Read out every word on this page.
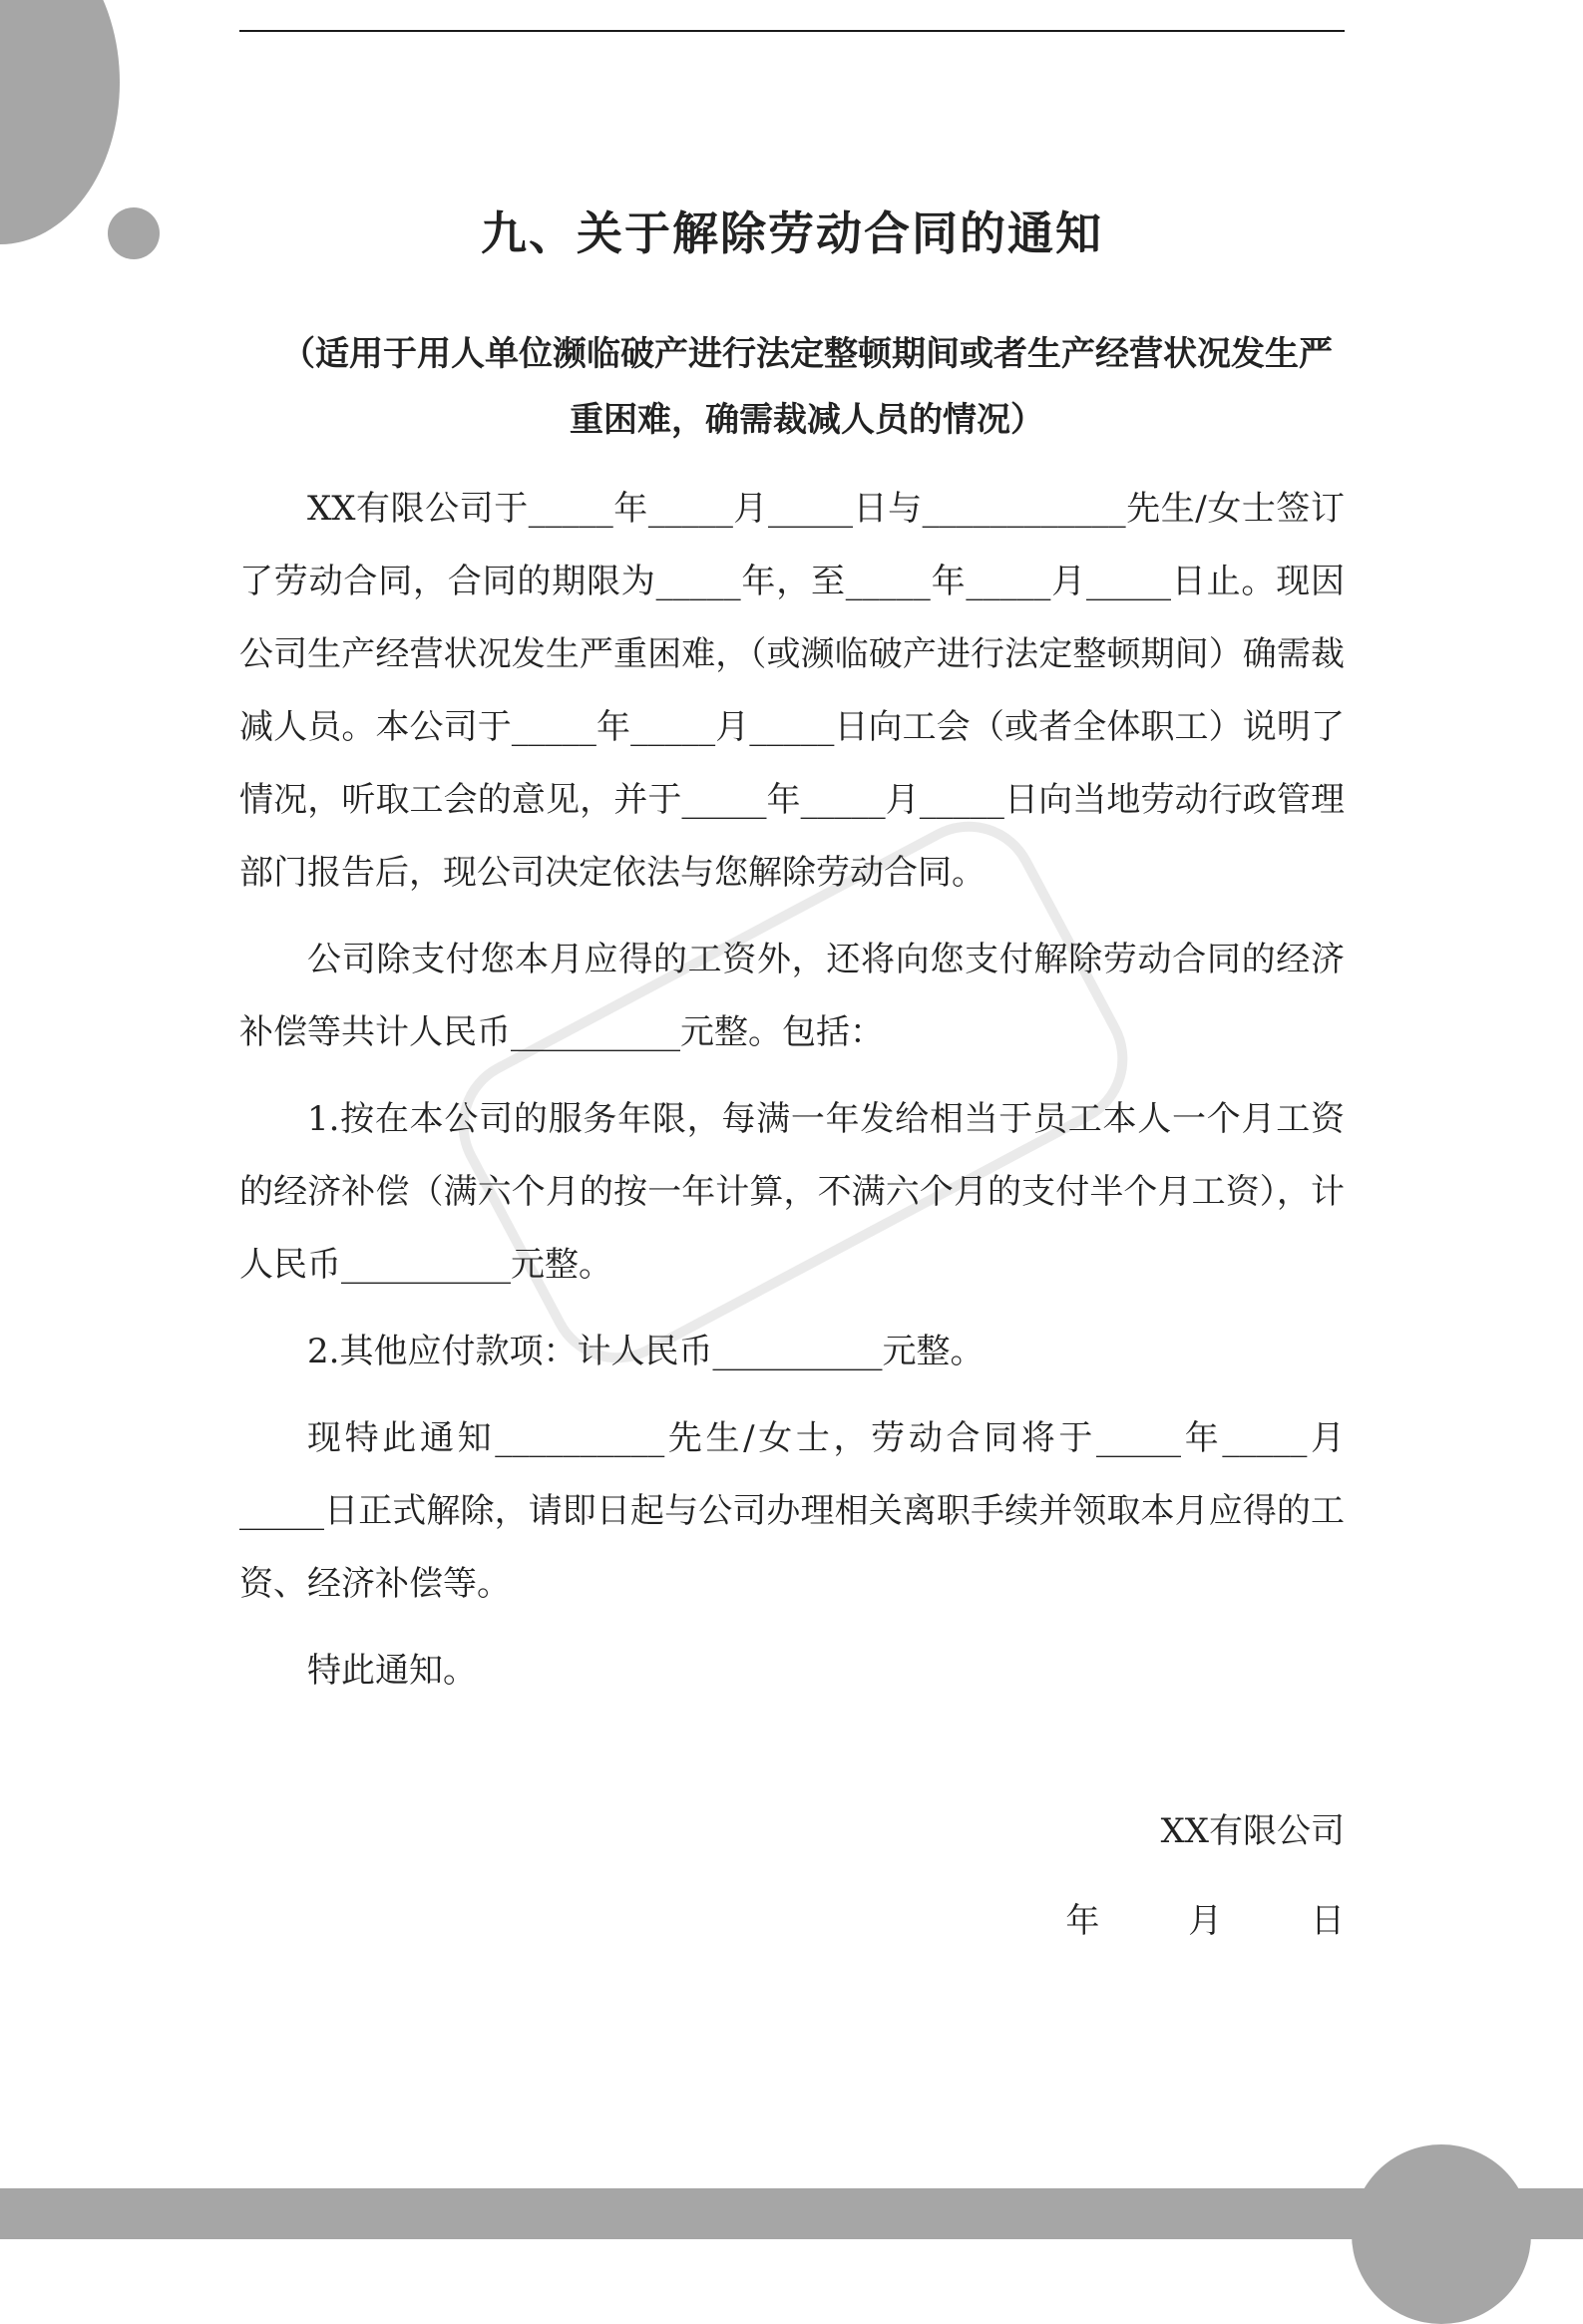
九、关于解除劳动合同的通知
（适用于用人单位濒临破产进行法定整顿期间或者生产经营状况发生严重困难，确需裁减人员的情况）

XX有限公司于_____年_____月_____日与____________先生/女士签订了劳动合同，合同的期限为_____年，至_____年_____月_____日止。现因公司生产经营状况发生严重困难，（或濒临破产进行法定整顿期间）确需裁减人员。本公司于_____年_____月_____日向工会（或者全体职工）说明了情况，听取工会的意见，并于_____年_____月_____日向当地劳动行政管理部门报告后，现公司决定依法与您解除劳动合同。

公司除支付您本月应得的工资外，还将向您支付解除劳动合同的经济补偿等共计人民币__________元整。包括：

1.按在本公司的服务年限，每满一年发给相当于员工本人一个月工资的经济补偿（满六个月的按一年计算，不满六个月的支付半个月工资），计人民币__________元整。

2.其他应付款项：计人民币__________元整。

现特此通知__________先生/女士，劳动合同将于_____年_____月_____日正式解除，请即日起与公司办理相关离职手续并领取本月应得的工资、经济补偿等。

特此通知。

XX有限公司
年	月	日
